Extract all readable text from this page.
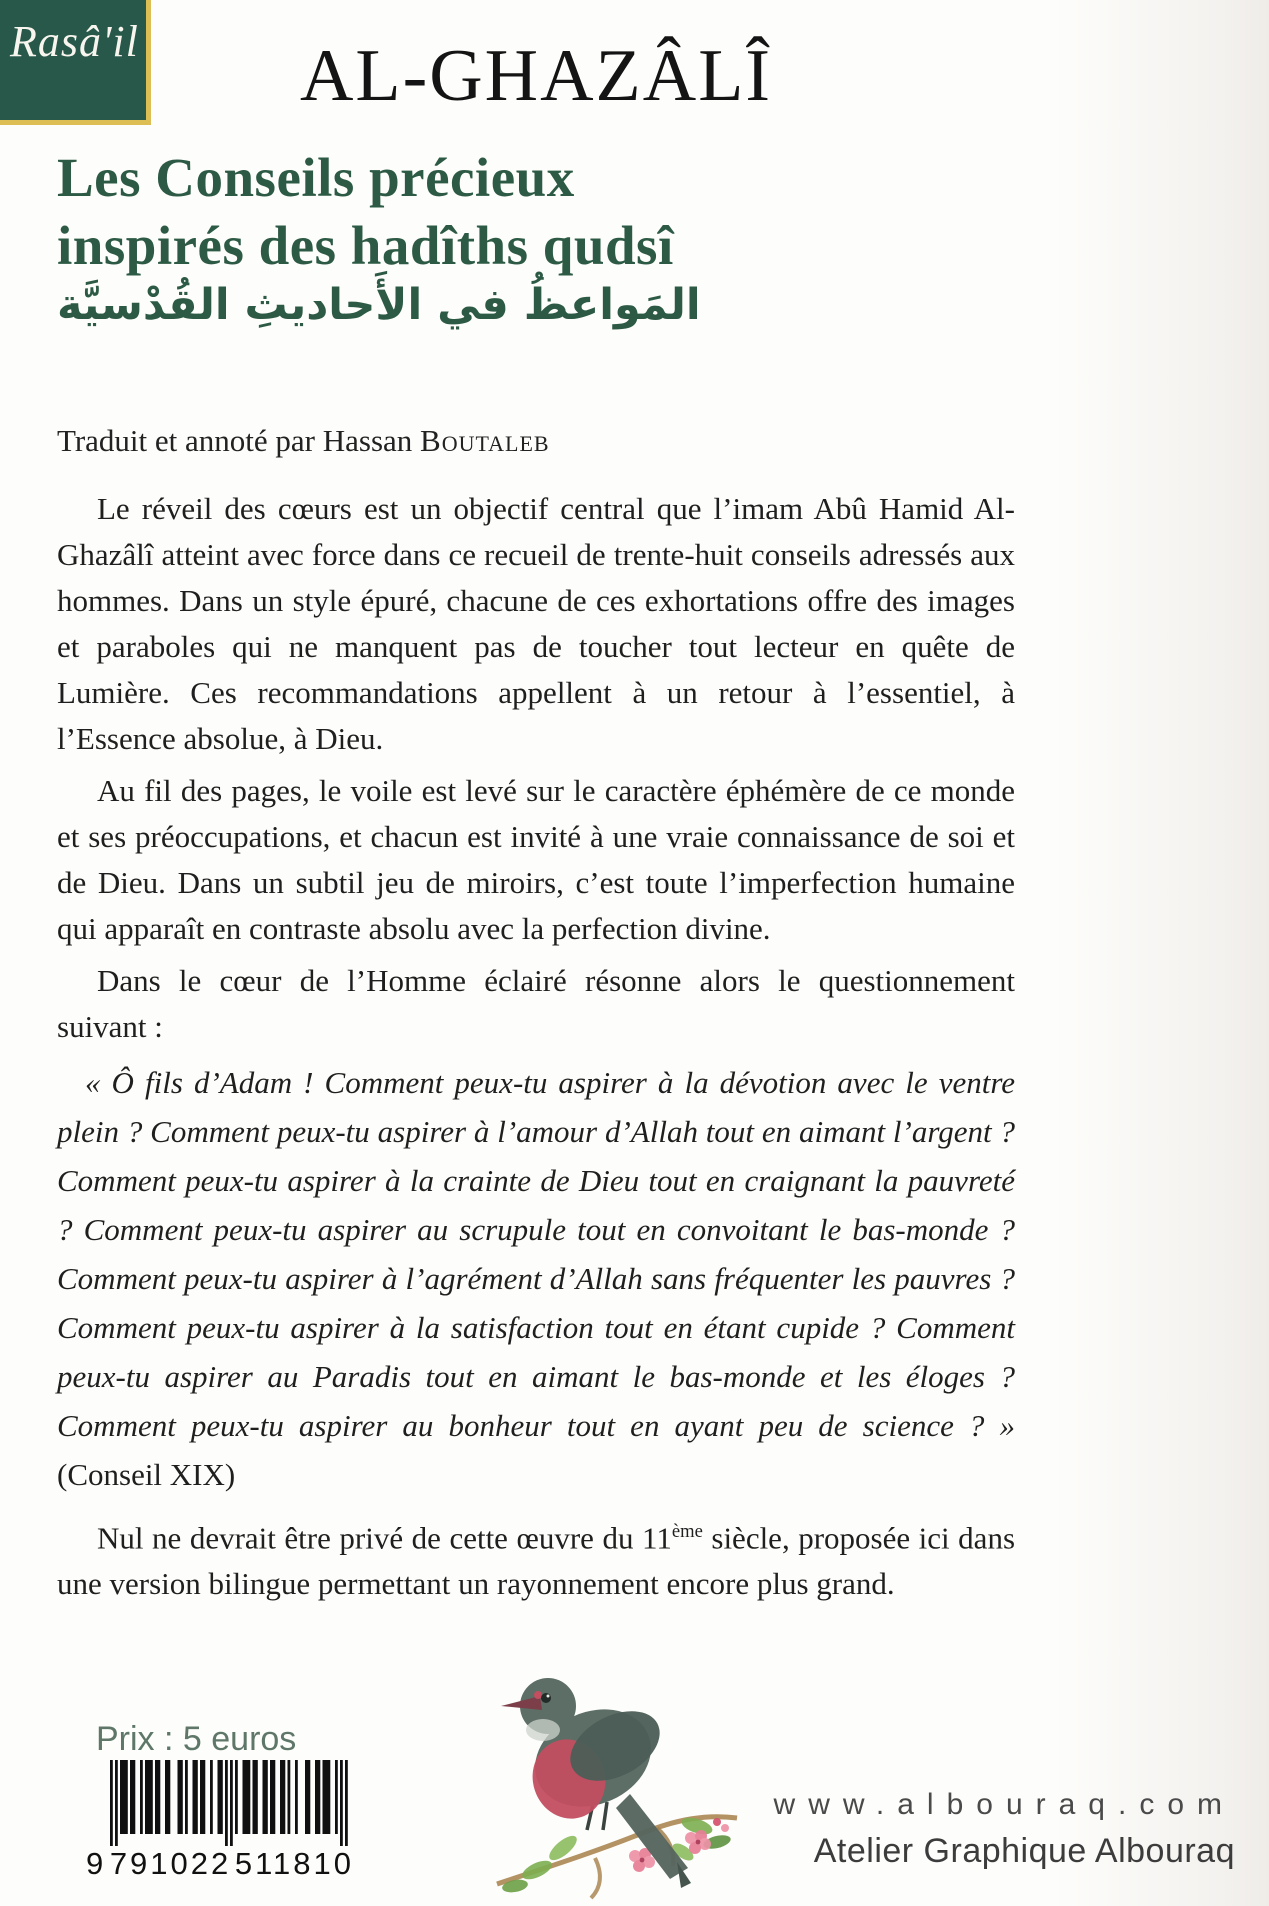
Rasâ'il	AL-GHAZÂLÎ
Les Conseils précieux
inspirés des hadîths qudsî
المَواعظُ في الأَحاديثِ القُدْسيَّة

Traduit et annoté par Hassan Boutaleb

Le réveil des cœurs est un objectif central que l’imam Abû Hamid Al-Ghazâlî atteint avec force dans ce recueil de trente-huit conseils adressés aux hommes. Dans un style épuré, chacune de ces exhortations offre des images et paraboles qui ne manquent pas de toucher tout lecteur en quête de Lumière. Ces recommandations appellent à un retour à l’essentiel, à l’Essence absolue, à Dieu.

Au fil des pages, le voile est levé sur le caractère éphémère de ce monde et ses préoccupations, et chacun est invité à une vraie connaissance de soi et de Dieu. Dans un subtil jeu de miroirs, c’est toute l’imperfection humaine qui apparaît en contraste absolu avec la perfection divine.

Dans le cœur de l’Homme éclairé résonne alors le questionnement suivant :

« Ô fils d’Adam ! Comment peux-tu aspirer à la dévotion avec le ventre plein ? Comment peux-tu aspirer à l’amour d’Allah tout en aimant l’argent ? Comment peux-tu aspirer à la crainte de Dieu tout en craignant la pauvreté ? Comment peux-tu aspirer au scrupule tout en convoitant le bas-monde ? Comment peux-tu aspirer à l’agrément d’Allah sans fréquenter les pauvres ? Comment peux-tu aspirer à la satisfaction tout en étant cupide ? Comment peux-tu aspirer au Paradis tout en aimant le bas-monde et les éloges ? Comment peux-tu aspirer au bonheur tout en ayant peu de science ? » (Conseil XIX)

Nul ne devrait être privé de cette œuvre du 11ème siècle, proposée ici dans une version bilingue permettant un rayonnement encore plus grand.

Prix : 5 euros

9 791022 511810

www.albouraq.com

Atelier Graphique Albouraq
